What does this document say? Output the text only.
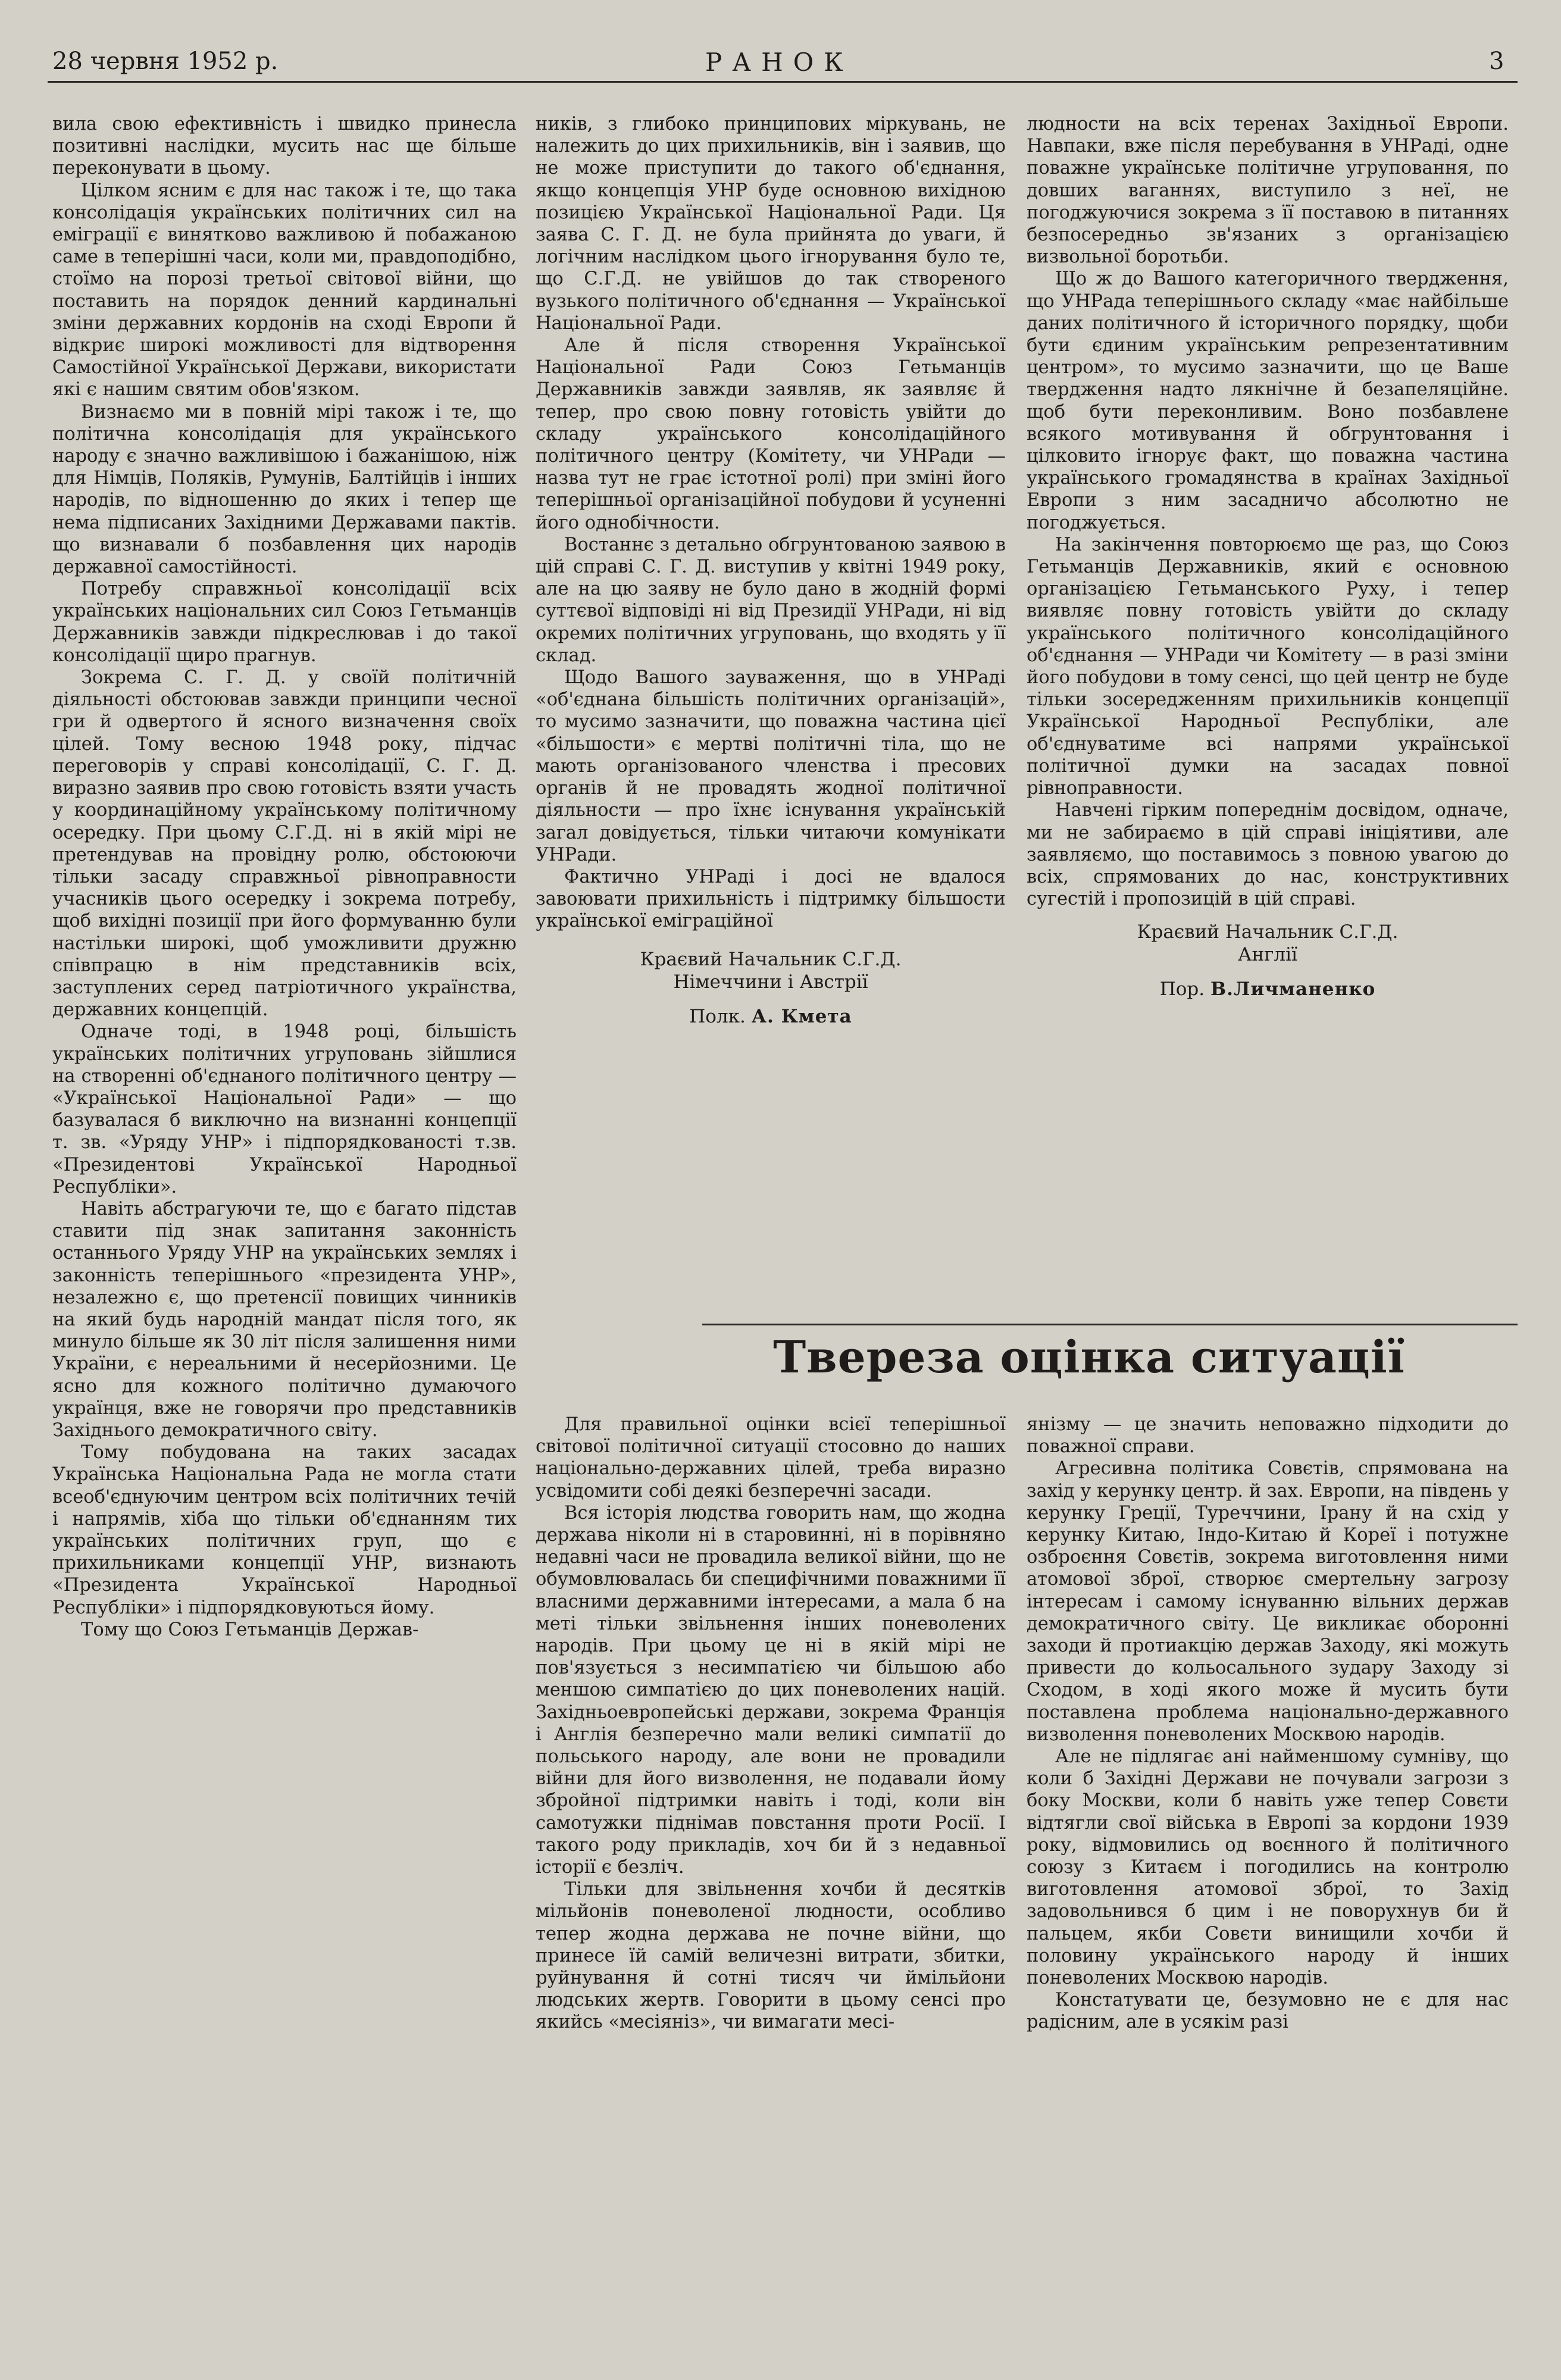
28 червня 1952 р.	РАНОК	3

вила свою ефективність і швидко принесла позитивні наслідки, мусить нас ще більше переконувати в цьому.

Цілком ясним є для нас також і те, що така консолідація українських політичних сил на еміграції є винятково важливою й побажаною саме в теперішні часи, коли ми, правдоподібно, стоїмо на порозі третьої світової війни, що поставить на порядок денний кардинальні зміни державних кордонів на сході Европи й відкриє широкі можливості для відтворення Самостійної Української Держави, використати які є нашим святим обов'язком.

Визнаємо ми в повній мірі також і те, що політична консолідація для українського народу є значно важливішою і бажанішою, ніж для Німців, Поляків, Румунів, Балтійців і інших народів, по відношенню до яких і тепер ще нема підписаних Західними Державами пактів. що визнавали б позбавлення цих народів державної самостійності.

Потребу справжньої консолідації всіх українських національних сил Союз Гетьманців Державників завжди підкреслював і до такої консолідації щиро прагнув.

Зокрема С. Г. Д. у своїй політичній діяльності обстоював завжди принципи чесної гри й одвертого й ясного визначення своїх цілей. Тому весною 1948 року, підчас переговорів у справі консолідації, С. Г. Д. виразно заявив про свою готовість взяти участь у координаційному українському політичному осередку. При цьому С.Г.Д. ні в якій мірі не претендував на провідну ролю, обстоюючи тільки засаду справжньої рівноправности учасників цього осередку і зокрема потребу, щоб вихідні позиції при його формуванню були настільки широкі, щоб уможливити дружню співпрацю в нім представників всіх, заступлених серед патріотичного українства, державних концепцій.

Одначе тоді, в 1948 році, більшість українських політичних угруповань зійшлися на створенні об'єднаного політичного центру — «Української Національної Ради» — що базувалася б виключно на визнанні концепції т. зв. «Уряду УНР» і підпорядкованості т.зв. «Президентові Української Народньої Республіки».

Навіть абстрагуючи те, що є багато підстав ставити під знак запитання законність останнього Уряду УНР на українських землях і законність теперішнього «президента УНР», незалежно є, що претенсії повищих чинників на який будь народній мандат після того, як минуло більше як 30 літ після залишення ними України, є нереальними й несерйозними. Це ясно для кожного політично думаючого українця, вже не говорячи про представників Західнього демократичного світу.

Тому побудована на таких засадах Українська Національна Рада не могла стати всеоб'єднуючим центром всіх політичних течій і напрямів, хіба що тільки об'єднанням тих українських політичних груп, що є прихильниками концепції УНР, визнають «Президента Української Народньої Республіки» і підпорядковуються йому.

Тому що Союз Гетьманців Держав-

ників, з глибоко принципових міркувань, не належить до цих прихильників, він і заявив, що не може приступити до такого об'єднання, якщо концепція УНР буде основною вихідною позицією Української Національної Ради. Ця заява С. Г. Д. не була прийнята до уваги, й логічним наслідком цього ігнорування було те, що С.Г.Д. не увійшов до так створеного вузького політичного об'єднання — Української Національної Ради.

Але й після створення Української Національної Ради Союз Гетьманців Державників завжди заявляв, як заявляє й тепер, про свою повну готовість увійти до складу українського консолідаційного політичного центру (Комітету, чи УНРади — назва тут не грає істотної ролі) при зміні його теперішньої організаційної побудови й усуненні його однобічности.

Востаннє з детально обгрунтованою заявою в цій справі С. Г. Д. виступив у квітні 1949 року, але на цю заяву не було дано в жодній формі суттєвої відповіді ні від Президії УНРади, ні від окремих політичних угруповань, що входять у її склад.

Щодо Вашого зауваження, що в УНРаді «об'єднана більшість політичних організацій», то мусимо зазначити, що поважна частина цієї «більшости» є мертві політичні тіла, що не мають організованого членства і пресових органів й не провадять жодної політичної діяльности — про їхнє існування українській загал довідується, тільки читаючи комунікати УНРади.

Фактично УНРаді і досі не вдалося завоювати прихильність і підтримку більшости української еміграційної

Краєвий Начальник С.Г.Д.
Німеччини і Австрії
Полк. А. Кмета

людности на всіх теренах Західньої Европи. Навпаки, вже після перебування в УНРаді, одне поважне українське політичне угруповання, по довших ваганнях, виступило з неї, не погоджуючися зокрема з її поставою в питаннях безпосередньо зв'язаних з організацією визвольної боротьби.

Що ж до Вашого категоричного твердження, що УНРада теперішнього складу «має найбільше даних політичного й історичного порядку, щоби бути єдиним українським репрезентативним центром», то мусимо зазначити, що це Ваше твердження надто лякнічне й безапеляційне. щоб бути переконливим. Воно позбавлене всякого мотивування й обгрунтовання і цілковито ігнорує факт, що поважна частина українського громадянства в країнах Західньої Европи з ним засадничо абсолютно не погоджується.

На закінчення повторюємо ще раз, що Союз Гетьманців Державників, який є основною організацією Гетьманського Руху, і тепер виявляє повну готовість увійти до складу українського політичного консолідаційного об'єднання — УНРади чи Комітету — в разі зміни його побудови в тому сенсі, що цей центр не буде тільки зосередженням прихильників концепції Української Народньої Республіки, але об'єднуватиме всі напрями української політичної думки на засадах повної рівноправности.

Навчені гірким попереднім досвідом, одначе, ми не забираємо в цій справі ініціятиви, але заявляємо, що поставимось з повною увагою до всіх, спрямованих до нас, конструктивних сугестій і пропозицій в цій справі.

Краєвий Начальник С.Г.Д.
Англії
Пор. В.Личманенко
Твереза оцінка ситуації

Для правильної оцінки всієї теперішньої світової політичної ситуації стосовно до наших національно-державних цілей, треба виразно усвідомити собі деякі безперечні засади.

Вся історія людства говорить нам, що жодна держава ніколи ні в старовинні, ні в порівняно недавні часи не провадила великої війни, що не обумовлювалась би специфічними поважними її власними державними інтересами, а мала б на меті тільки звільнення інших поневолених народів. При цьому це ні в якій мірі не пов'язується з несимпатією чи більшою або меншою симпатією до цих поневолених націй. Західньоевропейські держави, зокрема Франція і Англія безперечно мали великі симпатії до польського народу, але вони не провадили війни для його визволення, не подавали йому збройної підтримки навіть і тоді, коли він самотужки піднімав повстання проти Росії. І такого роду прикладів, хоч би й з недавньої історії є безліч.

Тільки для звільнення хочби й десятків мільйонів поневоленої людности, особливо тепер жодна держава не почне війни, що принесе їй самій величезні витрати, збитки, руйнування й сотні тисяч чи ймільйони людських жертв. Говорити в цьому сенсі про якийсь «месіяніз», чи вимагати месі-

янізму — це значить неповажно підходити до поважної справи.

Агресивна політика Совєтів, спрямована на захід у керунку центр. й зах. Европи, на південь у керунку Греції, Туреччини, Ірану й на схід у керунку Китаю, Індо-Китаю й Кореї і потужне озброєння Совєтів, зокрема виготовлення ними атомової зброї, створює смертельну загрозу інтересам і самому існуванню вільних держав демократичного світу. Це викликає оборонні заходи й протиакцію держав Заходу, які можуть привести до кольосального зудару Заходу зі Сходом, в ході якого може й мусить бути поставлена проблема національно-державного визволення поневолених Москвою народів.

Але не підлягає ані найменшому сумніву, що коли б Західні Держави не почували загрози з боку Москви, коли б навіть уже тепер Совєти відтягли свої війська в Европі за кордони 1939 року, відмовились од воєнного й політичного союзу з Китаєм і погодились на контролю виготовлення атомової зброї, то Захід задовольнився б цим і не поворухнув би й пальцем, якби Совєти винищили хочби й половину українського народу й інших поневолених Москвою народів.

Констатувати це, безумовно не є для нас радісним, але в усякім разі
